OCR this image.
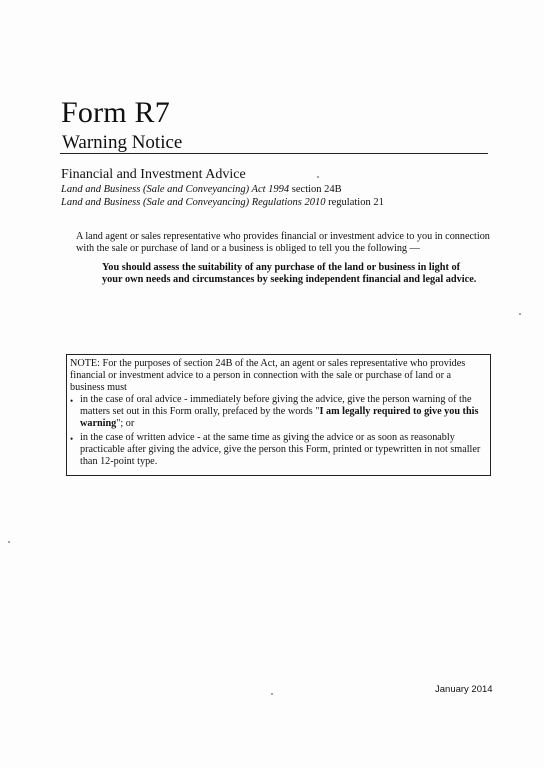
Form R7
Warning Notice
Financial and Investment Advice
Land and Business (Sale and Conveyancing) Act 1994 section 24B
Land and Business (Sale and Conveyancing) Regulations 2010 regulation 21
A land agent or sales representative who provides financial or investment advice to you in connection with the sale or purchase of land or a business is obliged to tell you the following —
You should assess the suitability of any purchase of the land or business in light of your own needs and circumstances by seeking independent financial and legal advice.
NOTE: For the purposes of section 24B of the Act, an agent or sales representative who provides financial or investment advice to a person in connection with the sale or purchase of land or a business must
• in the case of oral advice - immediately before giving the advice, give the person warning of the matters set out in this Form orally, prefaced by the words "I am legally required to give you this warning"; or
• in the case of written advice - at the same time as giving the advice or as soon as reasonably practicable after giving the advice, give the person this Form, printed or typewritten in not smaller than 12-point type.
January 2014
